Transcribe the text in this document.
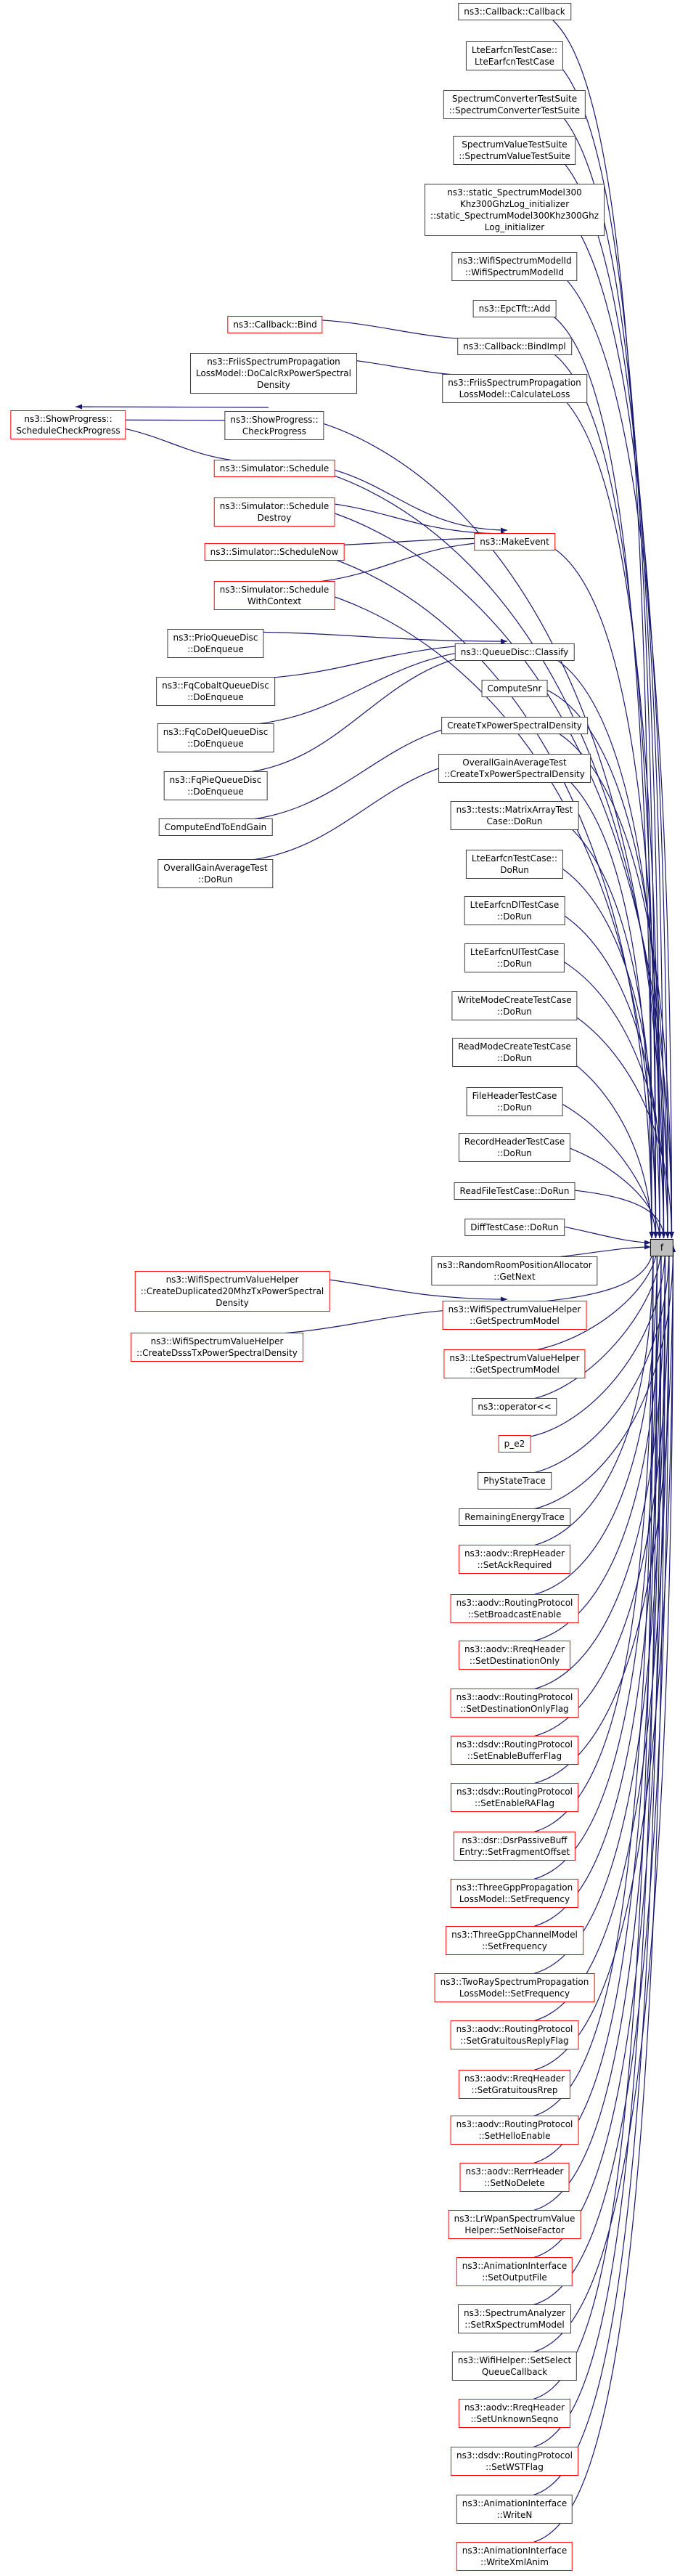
ns3::Callback::Callback
LteEarfcnTestCase::
LteEarfcnTestCase
SpectrumConverterTestSuite
::SpectrumConverterTestSuite
SpectrumValueTestSuite
::SpectrumValueTestSuite
ns3::static_SpectrumModel300
Khz300GhzLog_initializer
::static_SpectrumModel300Khz300Ghz
Log_initializer
ns3::WifiSpectrumModelId
::WifiSpectrumModelId
ns3::EpcTft::Add
ns3::Callback::BindImpl
ns3::FriisSpectrumPropagation
LossModel::CalculateLoss
ns3::Callback::Bind
ns3::FriisSpectrumPropagation
LossModel::DoCalcRxPowerSpectral
Density
ns3::ShowProgress::
ScheduleCheckProgress
ns3::ShowProgress::
CheckProgress
ns3::Simulator::Schedule
ns3::Simulator::Schedule
Destroy
ns3::Simulator::ScheduleNow
ns3::Simulator::Schedule
WithContext
ns3::MakeEvent
ns3::PrioQueueDisc
::DoEnqueue
ns3::FqCobaltQueueDisc
::DoEnqueue
ns3::FqCoDelQueueDisc
::DoEnqueue
ns3::FqPieQueueDisc
::DoEnqueue
ComputeEndToEndGain
OverallGainAverageTest
::DoRun
ns3::QueueDisc::Classify
ComputeSnr
CreateTxPowerSpectralDensity
OverallGainAverageTest
::CreateTxPowerSpectralDensity
ns3::tests::MatrixArrayTest
Case::DoRun
LteEarfcnTestCase::
DoRun
LteEarfcnDlTestCase
::DoRun
LteEarfcnUlTestCase
::DoRun
WriteModeCreateTestCase
::DoRun
ReadModeCreateTestCase
::DoRun
FileHeaderTestCase
::DoRun
RecordHeaderTestCase
::DoRun
ReadFileTestCase::DoRun
DiffTestCase::DoRun
ns3::RandomRoomPositionAllocator
::GetNext
ns3::WifiSpectrumValueHelper
::CreateDuplicated20MhzTxPowerSpectral
Density
ns3::WifiSpectrumValueHelper
::CreateDsssTxPowerSpectralDensity
ns3::WifiSpectrumValueHelper
::GetSpectrumModel
ns3::LteSpectrumValueHelper
::GetSpectrumModel
ns3::operator<<
p_e2
PhyStateTrace
RemainingEnergyTrace
ns3::aodv::RrepHeader
::SetAckRequired
ns3::aodv::RoutingProtocol
::SetBroadcastEnable
ns3::aodv::RreqHeader
::SetDestinationOnly
ns3::aodv::RoutingProtocol
::SetDestinationOnlyFlag
ns3::dsdv::RoutingProtocol
::SetEnableBufferFlag
ns3::dsdv::RoutingProtocol
::SetEnableRAFlag
ns3::dsr::DsrPassiveBuff
Entry::SetFragmentOffset
ns3::ThreeGppPropagation
LossModel::SetFrequency
ns3::ThreeGppChannelModel
::SetFrequency
ns3::TwoRaySpectrumPropagation
LossModel::SetFrequency
ns3::aodv::RoutingProtocol
::SetGratuitousReplyFlag
ns3::aodv::RreqHeader
::SetGratuitousRrep
ns3::aodv::RoutingProtocol
::SetHelloEnable
ns3::aodv::RerrHeader
::SetNoDelete
ns3::LrWpanSpectrumValue
Helper::SetNoiseFactor
ns3::AnimationInterface
::SetOutputFile
ns3::SpectrumAnalyzer
::SetRxSpectrumModel
ns3::WifiHelper::SetSelect
QueueCallback
ns3::aodv::RreqHeader
::SetUnknownSeqno
ns3::dsdv::RoutingProtocol
::SetWSTFlag
ns3::AnimationInterface
::WriteN
ns3::AnimationInterface
::WriteXmlAnim
f
